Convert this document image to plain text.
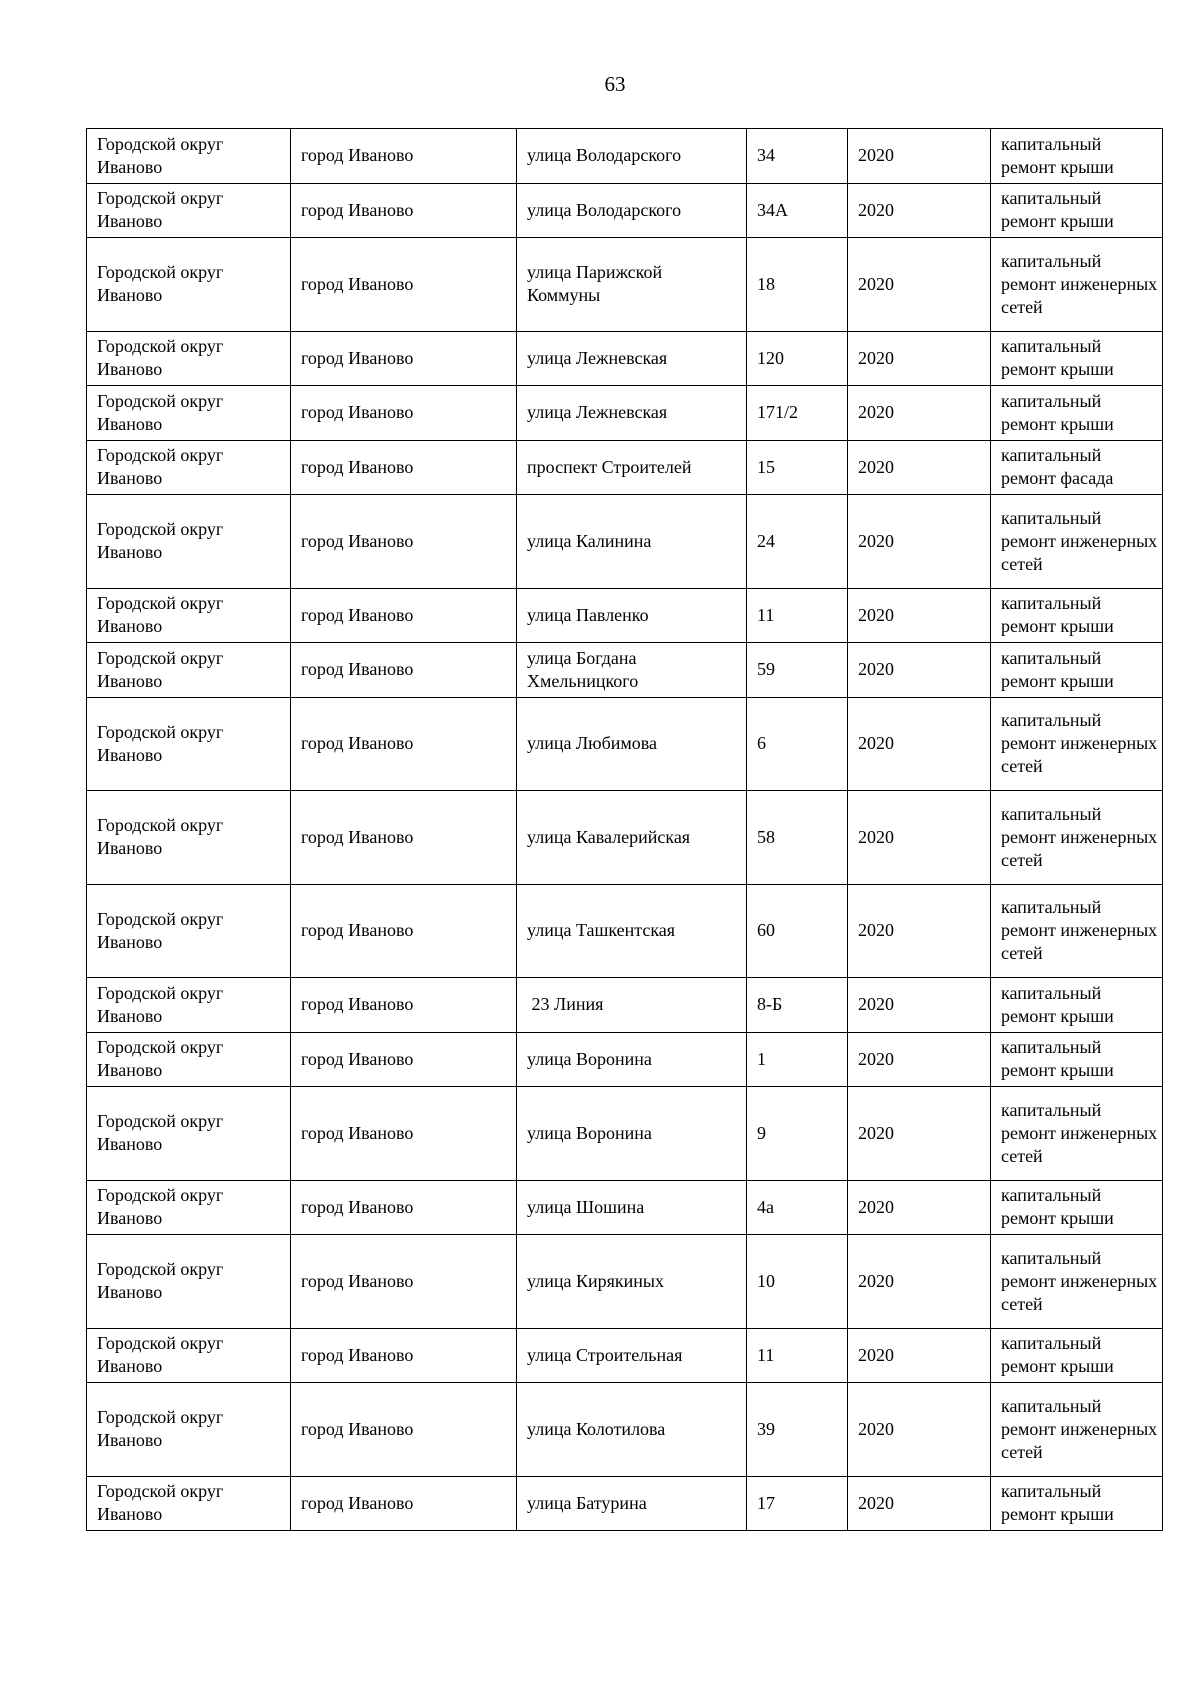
63
Городской округ Иваново	город Иваново	улица Володарского	34	2020	капитальный ремонт крыши
Городской округ Иваново	город Иваново	улица Володарского	34А	2020	капитальный ремонт крыши
Городской округ Иваново	город Иваново	улица Парижской Коммуны	18	2020	капитальный ремонт инженерных сетей
Городской округ Иваново	город Иваново	улица Лежневская	120	2020	капитальный ремонт крыши
Городской округ Иваново	город Иваново	улица Лежневская	171/2	2020	капитальный ремонт крыши
Городской округ Иваново	город Иваново	проспект Строителей	15	2020	капитальный ремонт фасада
Городской округ Иваново	город Иваново	улица Калинина	24	2020	капитальный ремонт инженерных сетей
Городской округ Иваново	город Иваново	улица Павленко	11	2020	капитальный ремонт крыши
Городской округ Иваново	город Иваново	улица Богдана Хмельницкого	59	2020	капитальный ремонт крыши
Городской округ Иваново	город Иваново	улица Любимова	6	2020	капитальный ремонт инженерных сетей
Городской округ Иваново	город Иваново	улица Кавалерийская	58	2020	капитальный ремонт инженерных сетей
Городской округ Иваново	город Иваново	улица Ташкентская	60	2020	капитальный ремонт инженерных сетей
Городской округ Иваново	город Иваново	23 Линия	8-Б	2020	капитальный ремонт крыши
Городской округ Иваново	город Иваново	улица Воронина	1	2020	капитальный ремонт крыши
Городской округ Иваново	город Иваново	улица Воронина	9	2020	капитальный ремонт инженерных сетей
Городской округ Иваново	город Иваново	улица Шошина	4а	2020	капитальный ремонт крыши
Городской округ Иваново	город Иваново	улица Кирякиных	10	2020	капитальный ремонт инженерных сетей
Городской округ Иваново	город Иваново	улица Строительная	11	2020	капитальный ремонт крыши
Городской округ Иваново	город Иваново	улица Колотилова	39	2020	капитальный ремонт инженерных сетей
Городской округ Иваново	город Иваново	улица Батурина	17	2020	капитальный ремонт крыши
